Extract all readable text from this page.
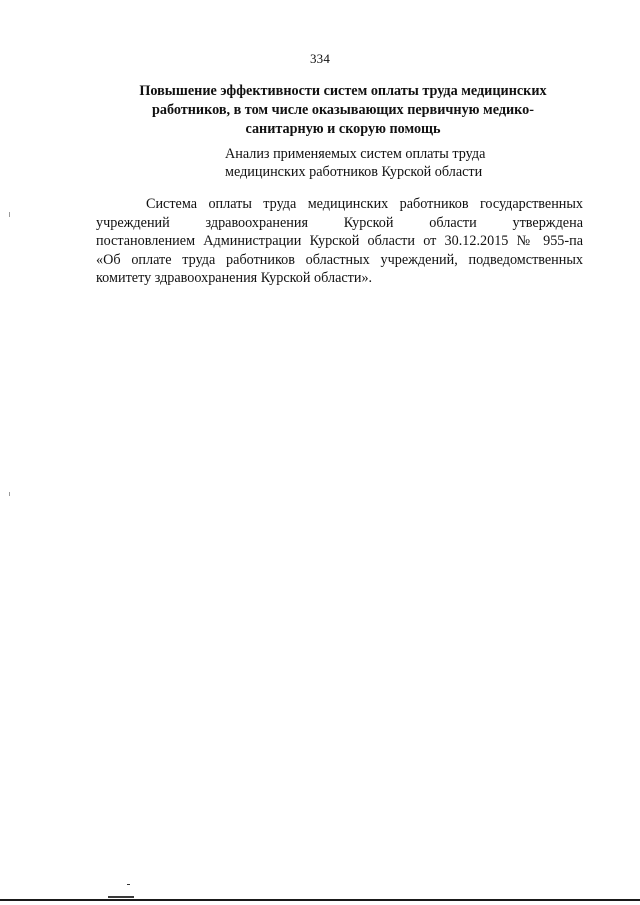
334
Повышение эффективности систем оплаты труда медицинских
работников, в том числе оказывающих первичную медико-
санитарную и скорую помощь
Анализ применяемых систем оплаты труда
медицинских работников Курской области
Система оплаты труда медицинских работников государственных
учреждений здравоохранения Курской области утверждена
постановлением Администрации Курской области от 30.12.2015 № 955-па
«Об оплате труда работников областных учреждений, подведомственных
комитету здравоохранения Курской области».
